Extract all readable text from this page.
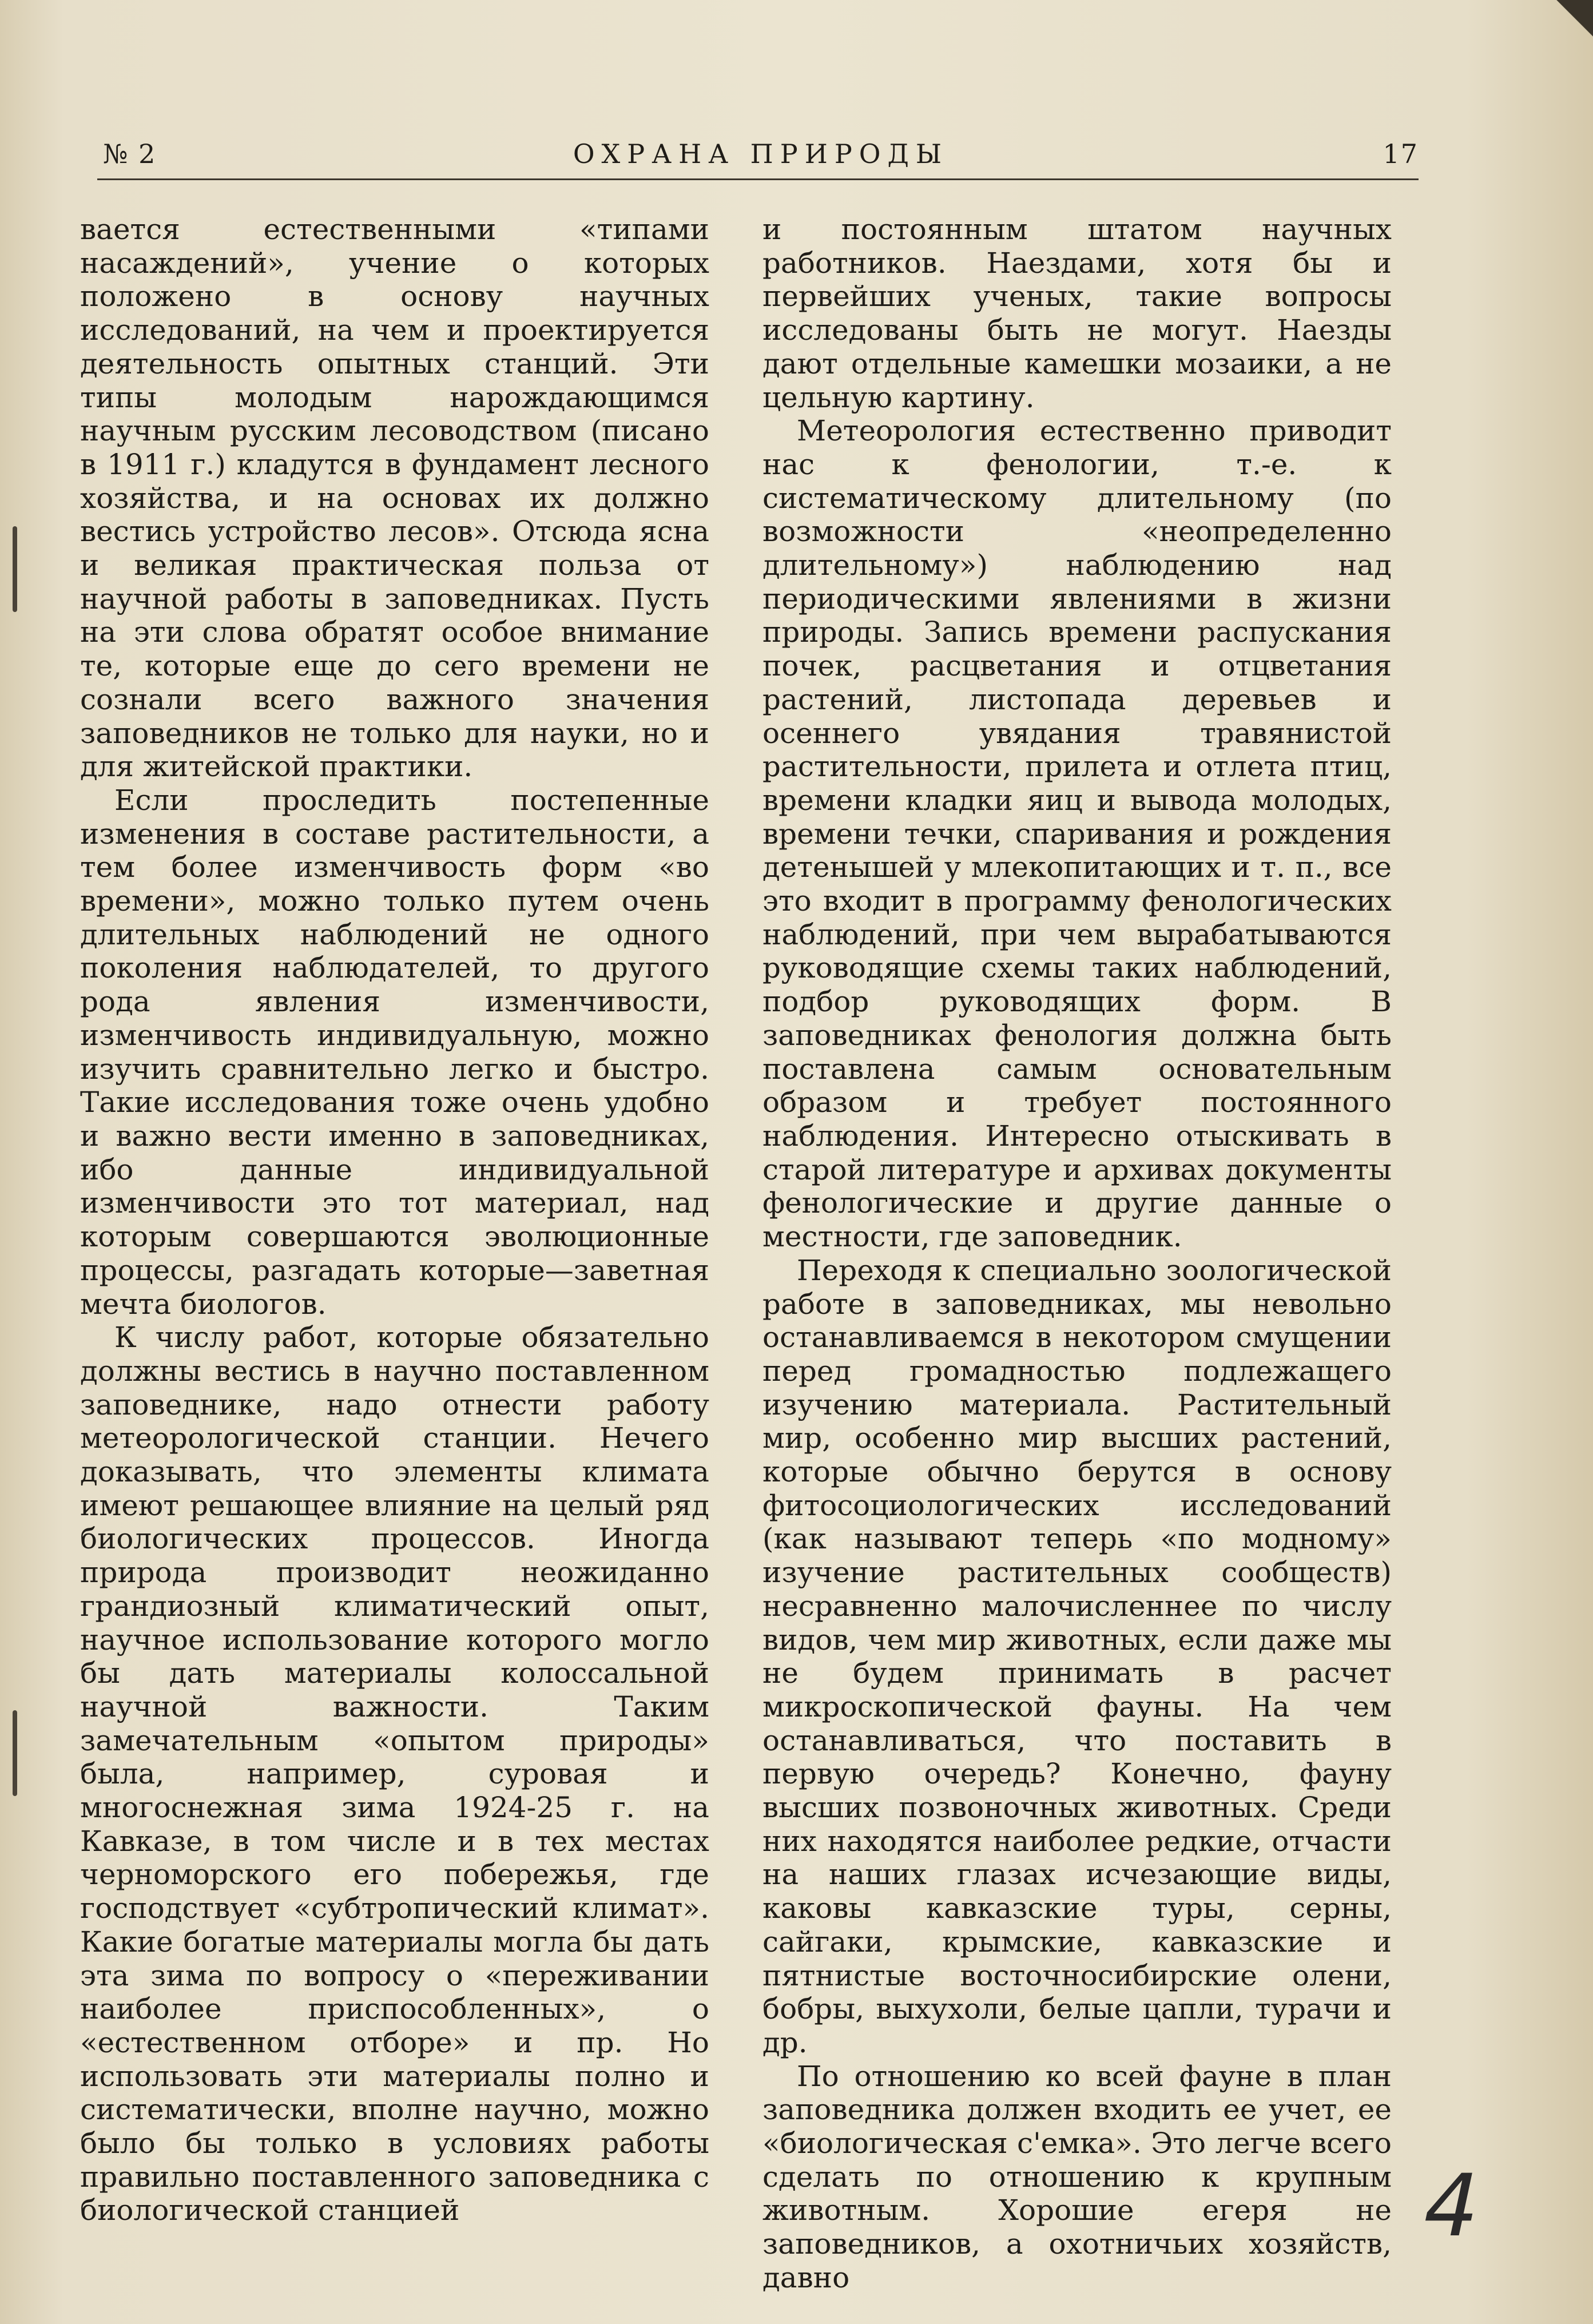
№ 2	ОХРАНА ПРИРОДЫ	17

вается естественными «типами насаждений», учение о которых положено в основу научных исследований, на чем и проектируется деятельность опытных станций. Эти типы молодым нарождающимся научным русским лесоводством (писано в 1911 г.) кладутся в фундамент лесного хозяйства, и на основах их должно вестись устройство лесов». Отсюда ясна и великая практическая польза от научной работы в заповедниках. Пусть на эти слова обратят особое внимание те, которые еще до сего времени не сознали всего важного значения заповедников не только для науки, но и для житейской практики.

Если проследить постепенные изменения в составе растительности, а тем более изменчивость форм «во времени», можно только путем очень длительных наблюдений не одного поколения наблюдателей, то другого рода явления изменчивости, изменчивость индивидуальную, можно изучить сравнительно легко и быстро. Такие исследования тоже очень удобно и важно вести именно в заповедниках, ибо данные индивидуальной изменчивости это тот материал, над которым совершаются эволюционные процессы, разгадать которые—заветная мечта биологов.

К числу работ, которые обязательно должны вестись в научно поставленном заповеднике, надо отнести работу метеорологической станции. Нечего доказывать, что элементы климата имеют решающее влияние на целый ряд биологических процессов. Иногда природа производит неожиданно грандиозный климатический опыт, научное использование которого могло бы дать материалы колоссальной научной важности. Таким замечательным «опытом природы» была, например, суровая и многоснежная зима 1924-25 г. на Кавказе, в том числе и в тех местах черноморского его побережья, где господствует «субтропический климат». Какие богатые материалы могла бы дать эта зима по вопросу о «переживании наиболее приспособленных», о «естественном отборе» и пр. Но использовать эти материалы полно и систематически, вполне научно, можно было бы только в условиях работы правильно поставленного заповедника с биологической станцией

и постоянным штатом научных работников. Наездами, хотя бы и первейших ученых, такие вопросы исследованы быть не могут. Наезды дают отдельные камешки мозаики, а не цельную картину.

Метеорология естественно приводит нас к фенологии, т.-е. к систематическому длительному (по возможности «неопределенно длительному») наблюдению над периодическими явлениями в жизни природы. Запись времени распускания почек, расцветания и отцветания растений, листопада деревьев и осеннего увядания травянистой растительности, прилета и отлета птиц, времени кладки яиц и вывода молодых, времени течки, спаривания и рождения детенышей у млекопитающих и т. п., все это входит в программу фенологических наблюдений, при чем вырабатываются руководящие схемы таких наблюдений, подбор руководящих форм. В заповедниках фенология должна быть поставлена самым основательным образом и требует постоянного наблюдения. Интересно отыскивать в старой литературе и архивах документы фенологические и другие данные о местности, где заповедник.

Переходя к специально зоологической работе в заповедниках, мы невольно останавливаемся в некотором смущении перед громадностью подлежащего изучению материала. Растительный мир, особенно мир высших растений, которые обычно берутся в основу фитосоциологических исследований (как называют теперь «по модному» изучение растительных сообществ) несравненно малочисленнее по числу видов, чем мир животных, если даже мы не будем принимать в расчет микроскопической фауны. На чем останавливаться, что поставить в первую очередь? Конечно, фауну высших позвоночных животных. Среди них находятся наиболее редкие, отчасти на наших глазах исчезающие виды, каковы кавказские туры, серны, сайгаки, крымские, кавказские и пятнистые восточносибирские олени, бобры, выхухоли, белые цапли, турачи и др.

По отношению ко всей фауне в план заповедника должен входить ее учет, ее «биологическая с'емка». Это легче всего сделать по отношению к крупным животным. Хорошие егеря не заповедников, а охотничьих хозяйств, давно

4
